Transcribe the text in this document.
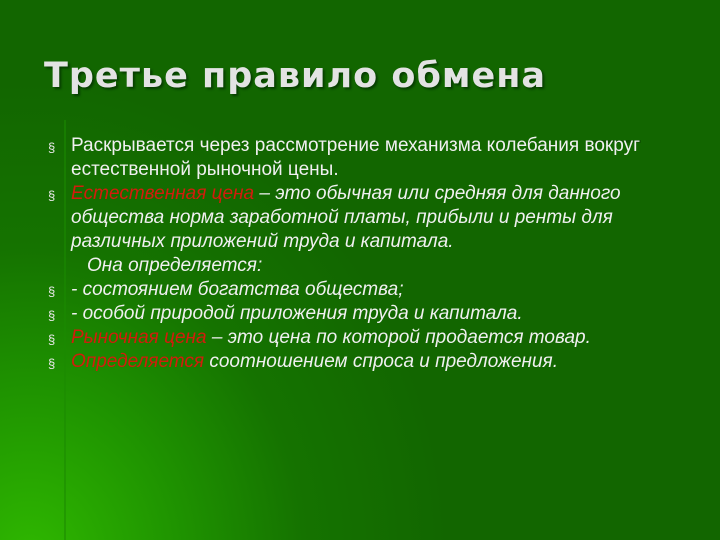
Третье правило обмена
§ Раскрывается через рассмотрение механизма колебания вокруг естественной рыночной цены.
§ Естественная цена – это обычная или средняя для данного общества норма заработной платы, прибыли и ренты для различных приложений труда и капитала.
Она определяется:
§ - состоянием богатства общества;
§ - особой природой приложения труда и капитала.
§ Рыночная цена – это цена по которой продается товар.
§ Определяется соотношением спроса и предложения.
